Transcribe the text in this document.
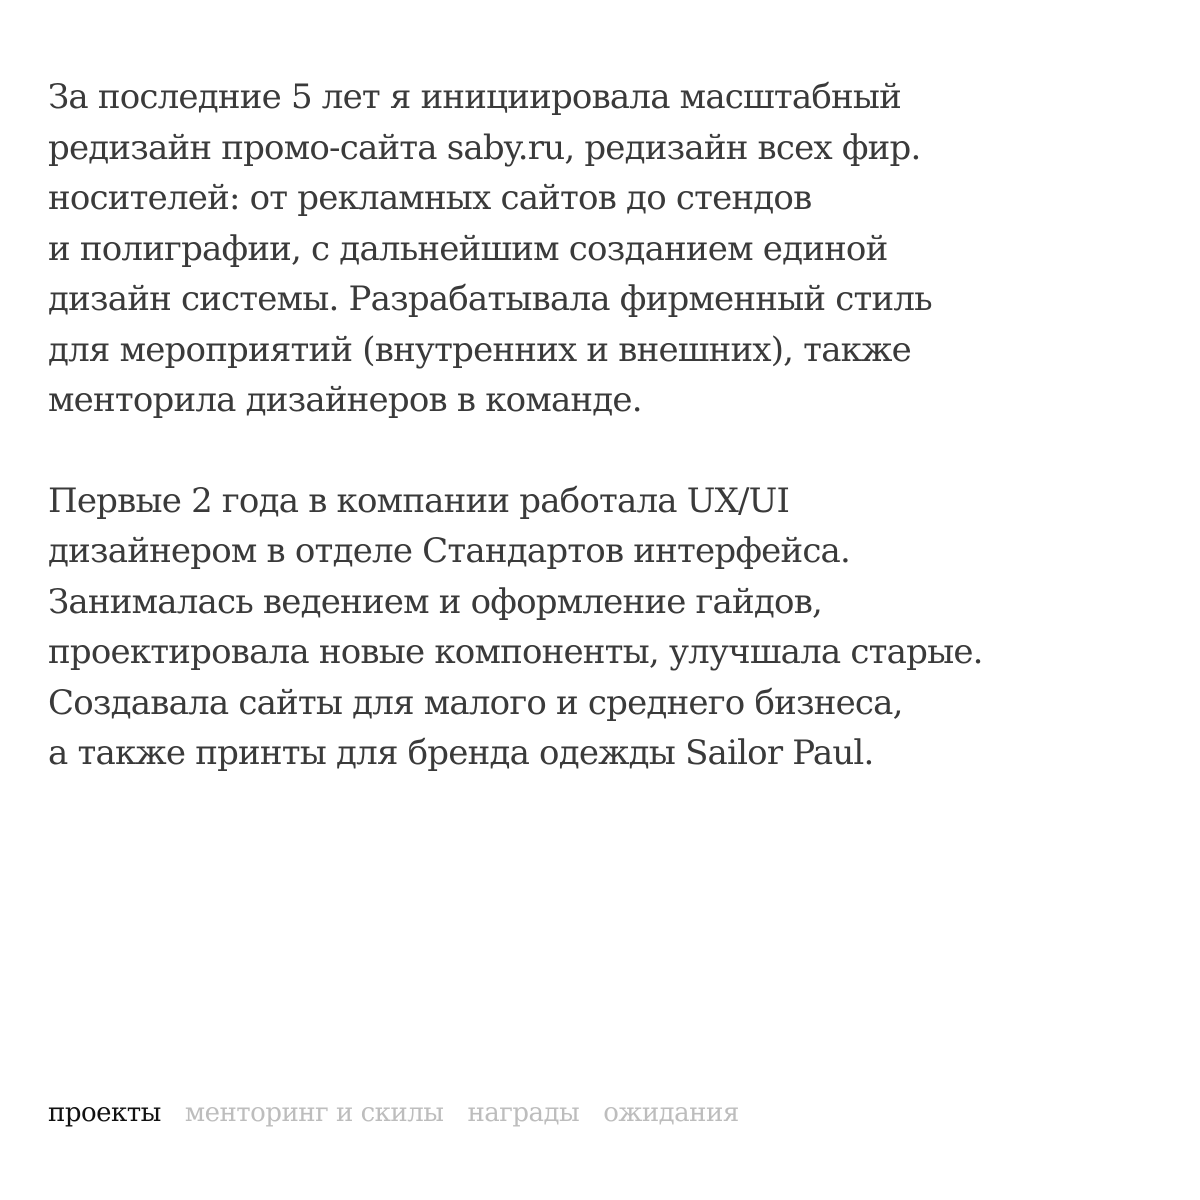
За последние 5 лет я инициировала масштабный
редизайн промо-сайта saby.ru, редизайн всех фир.
носителей: от рекламных сайтов до стендов
и полиграфии, с дальнейшим созданием единой
дизайн системы. Разрабатывала фирменный стиль
для мероприятий (внутренних и внешних), также
менторила дизайнеров в команде.

Первые 2 года в компании работала UX/UI
дизайнером в отделе Стандартов интерфейса.
Занималась ведением и оформление гайдов,
проектировала новые компоненты, улучшала старые.
Создавала сайты для малого и среднего бизнеса,
а также принты для бренда одежды Sailor Paul.

проекты менторинг и скилы награды ожидания
